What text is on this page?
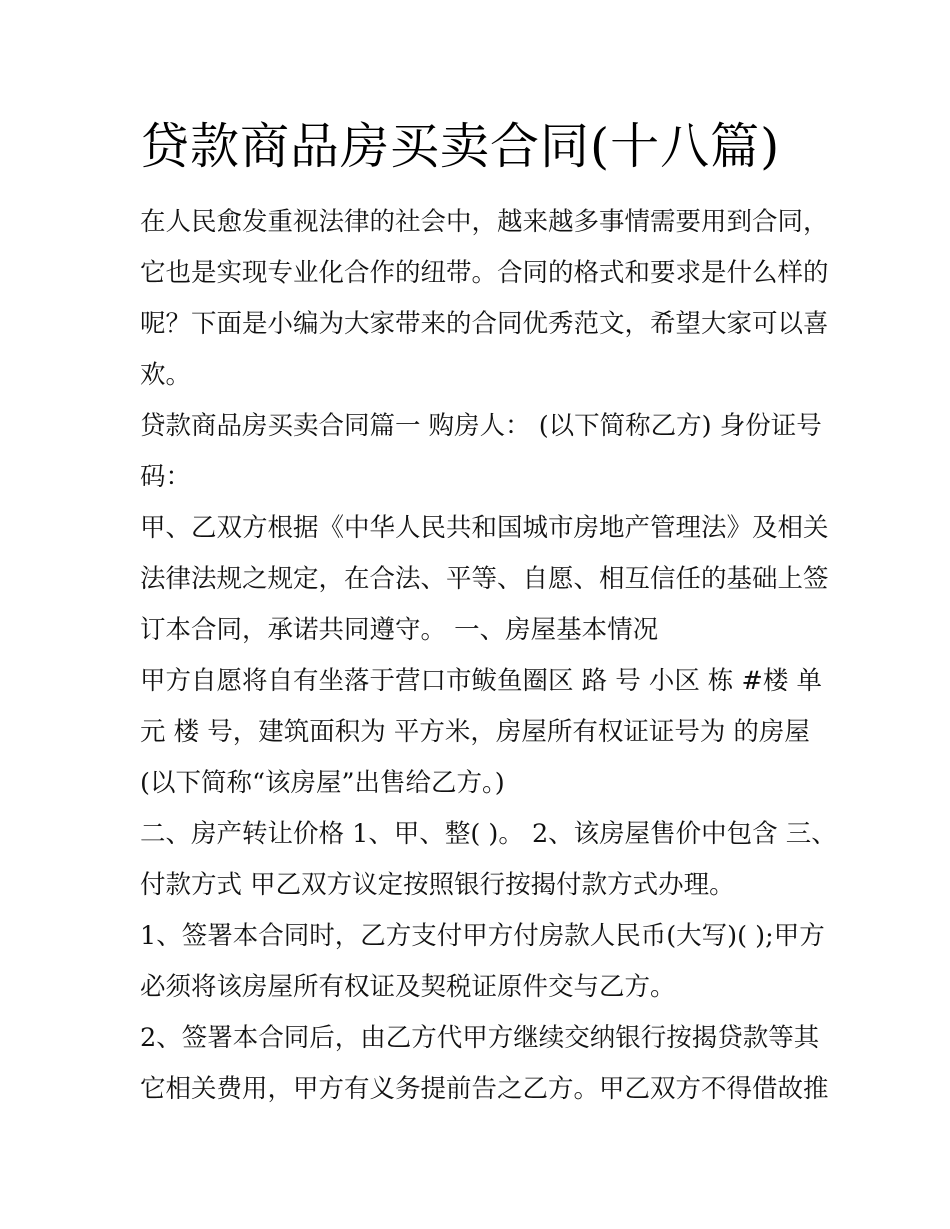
贷款商品房买卖合同(十八篇)
在人民愈发重视法律的社会中，越来越多事情需要用到合同，
它也是实现专业化合作的纽带。合同的格式和要求是什么样的
呢？下面是小编为大家带来的合同优秀范文，希望大家可以喜
欢。
贷款商品房买卖合同篇一 购房人： (以下简称乙方) 身份证号
码：
甲、乙双方根据《中华人民共和国城市房地产管理法》及相关
法律法规之规定，在合法、平等、自愿、相互信任的基础上签
订本合同，承诺共同遵守。 一、房屋基本情况
甲方自愿将自有坐落于营口市鲅鱼圈区 路 号 小区 栋 #楼 单
元 楼 号，建筑面积为 平方米，房屋所有权证证号为 的房屋
(以下简称“该房屋”出售给乙方。)
二、房产转让价格 1、甲、整( )。 2、该房屋售价中包含 三、
付款方式 甲乙双方议定按照银行按揭付款方式办理。
1、签署本合同时，乙方支付甲方付房款人民币(大写)( );甲方
必须将该房屋所有权证及契税证原件交与乙方。
2、签署本合同后，由乙方代甲方继续交纳银行按揭贷款等其
它相关费用，甲方有义务提前告之乙方。甲乙双方不得借故推
